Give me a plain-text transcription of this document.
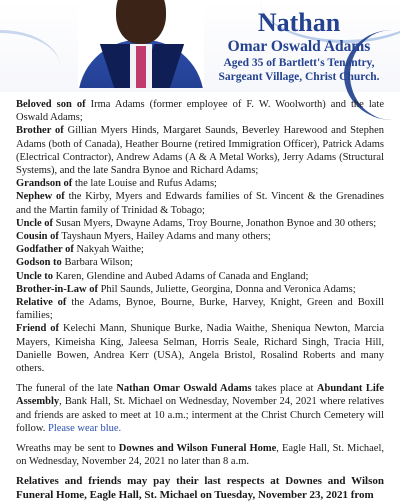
Nathan

Omar Oswald Adams

Aged 35 of Bartlett's Tenantry,

Sargeant Village, Christ Church.

Beloved son of Irma Adams (former employee of F. W. Woolworth) and the late Oswald Adams;

Brother of Gillian Myers Hinds, Margaret Saunds, Beverley Harewood and Stephen Adams (both of Canada), Heather Bourne (retired Immigration Officer), Patrick Adams (Electrical Contractor), Andrew Adams (A & A Metal Works), Jerry Adams (Structural Systems), and the late Sandra Bynoe and Richard Adams;

Grandson of the late Louise and Rufus Adams;

Nephew of the Kirby, Myers and Edwards families of St. Vincent & the Grenadines and the Martin family of Trinidad & Tobago;

Uncle of Susan Myers, Dwayne Adams, Troy Bourne, Jonathon Bynoe and 30 others;

Cousin of Tayshaun Myers, Hailey Adams and many others;

Godfather of Nakyah Waithe;

Godson to Barbara Wilson;

Uncle to Karen, Glendine and Aubed Adams of Canada and England;

Brother-in-Law of Phil Saunds, Juliette, Georgina, Donna and Veronica Adams;

Relative of the Adams, Bynoe, Bourne, Burke, Harvey, Knight, Green and Boxill families;

Friend of Kelechi Mann, Shunique Burke, Nadia Waithe, Sheniqua Newton, Marcia Mayers, Kimeisha King, Jaleesa Selman, Horris Seale, Richard Singh, Tracia Hill, Danielle Bowen, Andrea Kerr (USA), Angela Bristol, Rosalind Roberts and many others.

The funeral of the late Nathan Omar Oswald Adams takes place at Abundant Life Assembly, Bank Hall, St. Michael on Wednesday, November 24, 2021 where relatives and friends are asked to meet at 10 a.m.; interment at the Christ Church Cemetery will follow. Please wear blue.

Wreaths may be sent to Downes and Wilson Funeral Home, Eagle Hall, St. Michael, on Wednesday, November 24, 2021 no later than 8 a.m.

Relatives and friends may pay their last respects at Downes and Wilson Funeral Home, Eagle Hall, St. Michael on Tuesday, November 23, 2021 from
